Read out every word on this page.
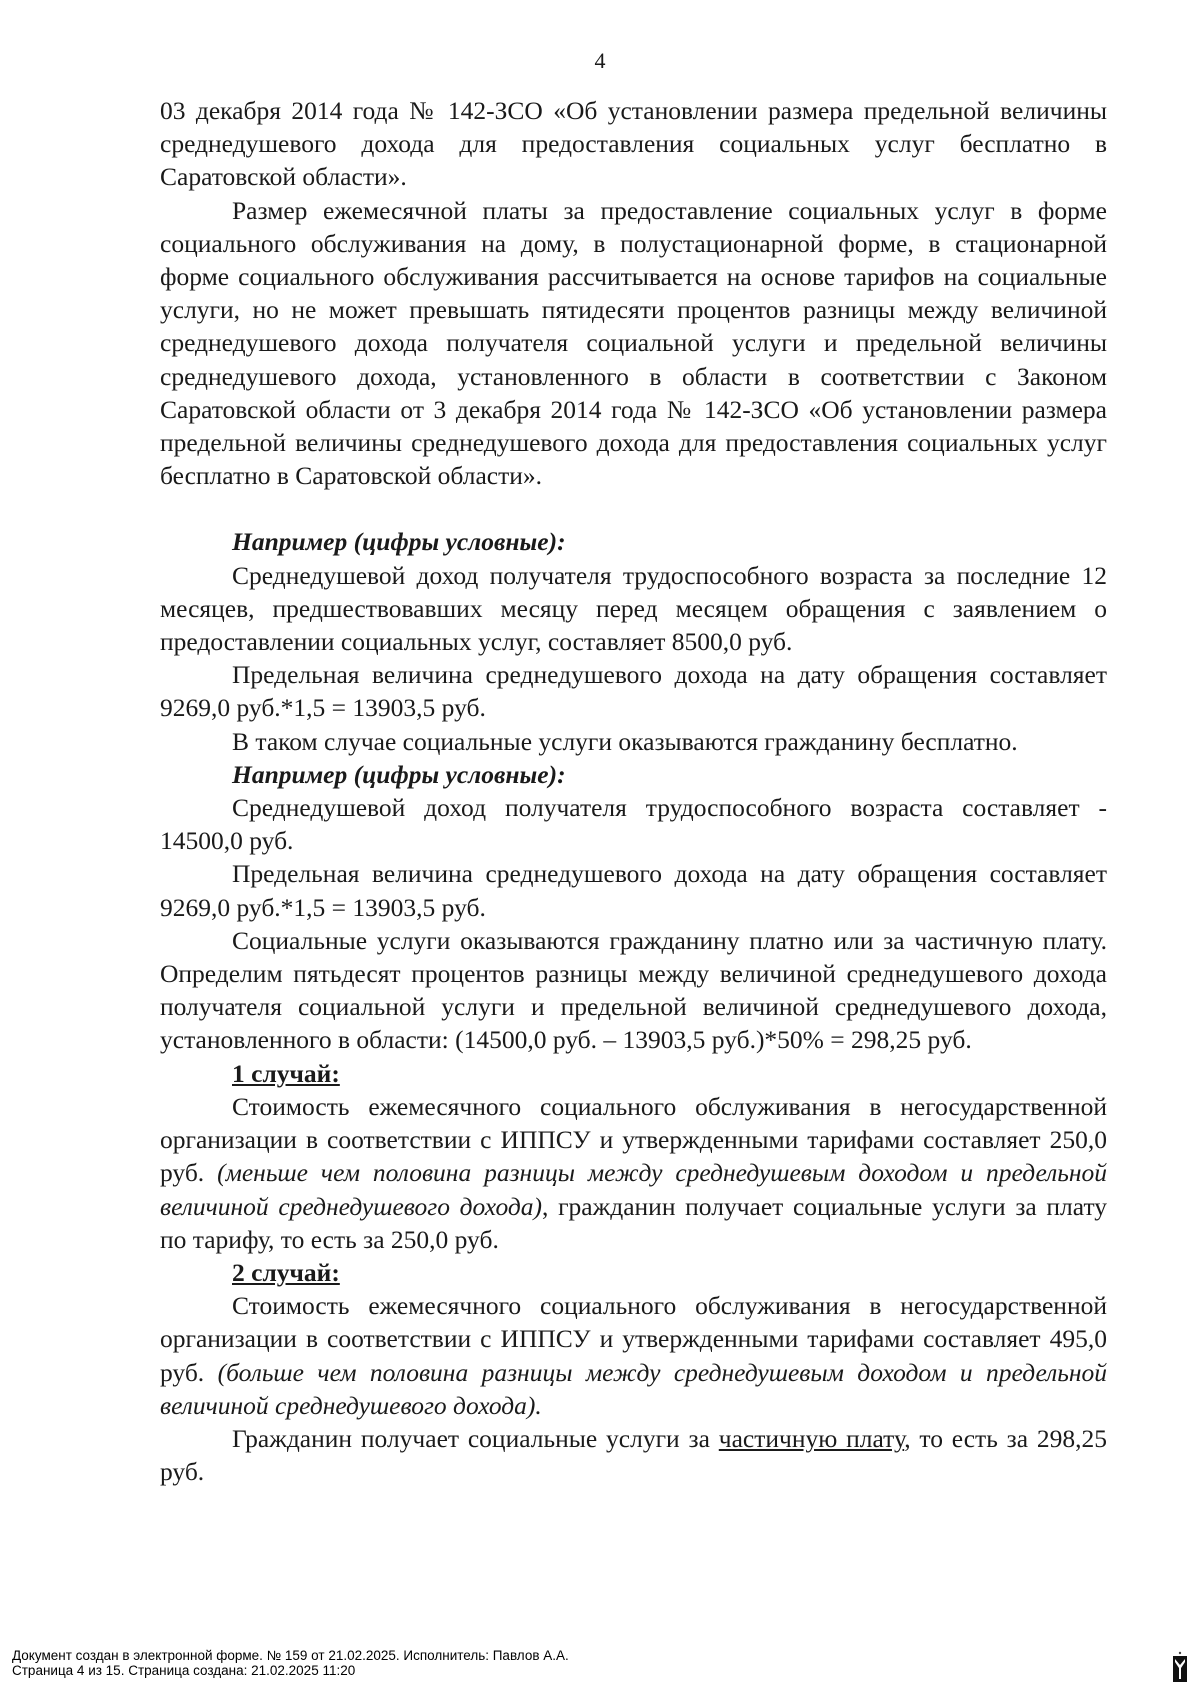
4

03 декабря 2014 года № 142-ЗСО «Об установлении размера предельной величины среднедушевого дохода для предоставления социальных услуг бесплатно в Саратовской области».

Размер ежемесячной платы за предоставление социальных услуг в форме социального обслуживания на дому, в полустационарной форме, в стационарной форме социального обслуживания рассчитывается на основе тарифов на социальные услуги, но не может превышать пятидесяти процентов разницы между величиной среднедушевого дохода получателя социальной услуги и предельной величины среднедушевого дохода, установленного в области в соответствии с Законом Саратовской области от 3 декабря 2014 года № 142-ЗСО «Об установлении размера предельной величины среднедушевого дохода для предоставления социальных услуг бесплатно в Саратовской области».

Например (цифры условные):

Среднедушевой доход получателя трудоспособного возраста за последние 12 месяцев, предшествовавших месяцу перед месяцем обращения с заявлением о предоставлении социальных услуг, составляет 8500,0 руб.

Предельная величина среднедушевого дохода на дату обращения составляет 9269,0 руб.*1,5 = 13903,5 руб.

В таком случае социальные услуги оказываются гражданину бесплатно.

Например (цифры условные):

Среднедушевой доход получателя трудоспособного возраста составляет - 14500,0 руб.

Предельная величина среднедушевого дохода на дату обращения составляет 9269,0 руб.*1,5 = 13903,5 руб.

Социальные услуги оказываются гражданину платно или за частичную плату. Определим пятьдесят процентов разницы между величиной среднедушевого дохода получателя социальной услуги и предельной величиной среднедушевого дохода, установленного в области: (14500,0 руб. – 13903,5 руб.)*50% = 298,25 руб.

1 случай:

Стоимость ежемесячного социального обслуживания в негосударственной организации в соответствии с ИППСУ и утвержденными тарифами составляет 250,0 руб. (меньше чем половина разницы между среднедушевым доходом и предельной величиной среднедушевого дохода), гражданин получает социальные услуги за плату по тарифу, то есть за 250,0 руб.

2 случай:

Стоимость ежемесячного социального обслуживания в негосударственной организации в соответствии с ИППСУ и утвержденными тарифами составляет 495,0 руб. (больше чем половина разницы между среднедушевым доходом и предельной величиной среднедушевого дохода).

Гражданин получает социальные услуги за частичную плату, то есть за 298,25 руб.

Документ создан в электронной форме. № 159 от 21.02.2025. Исполнитель: Павлов А.А.
Страница 4 из 15. Страница создана: 21.02.2025 11:20
